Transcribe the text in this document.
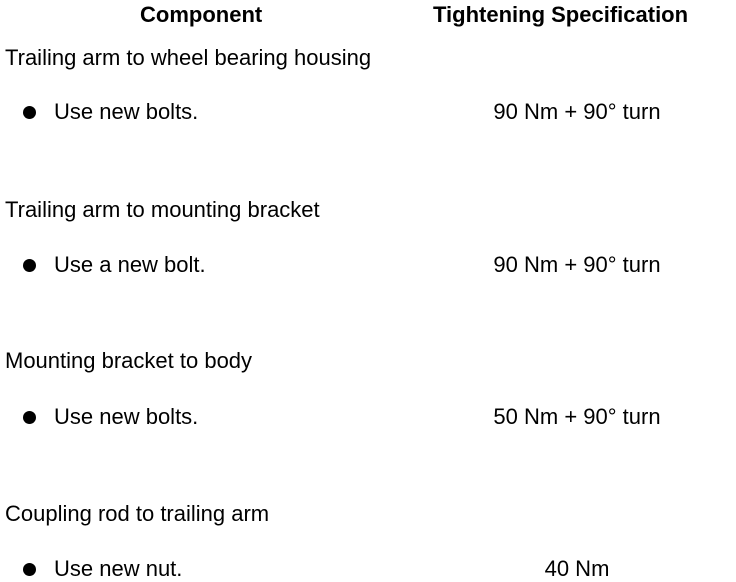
Component	Tightening Specification
Trailing arm to wheel bearing housing
Use new bolts.	90 Nm + 90° turn
Trailing arm to mounting bracket
Use a new bolt.	90 Nm + 90° turn
Mounting bracket to body
Use new bolts.	50 Nm + 90° turn
Coupling rod to trailing arm
Use new nut.	40 Nm
